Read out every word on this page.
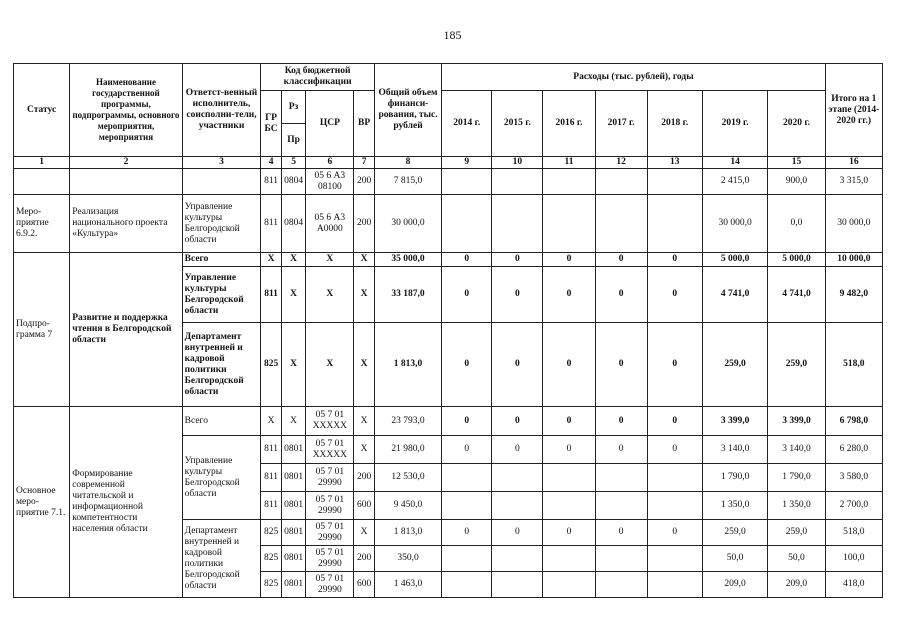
185
Статус	Наименование государственной программы, подпрограммы, основного мероприятия, мероприятия	Ответст-венный исполнитель, соисполни-тели, участники	Код бюджетной классификации				Общий объем финанси-рования, тыс. рублей	Расходы (тыс. рублей), годы							Итого на 1 этапе (2014-2020 гг.)
			ГР БС	Рз	ЦСР	ВР		2014 г.	2015 г.	2016 г.	2017 г.	2018 г.	2019 г.	2020 г.	
				Пр											
1	2	3	4	5	6	7	8	9	10	11	12	13	14	15	16
			811	0804	05 6 А3 08100	200	7 815,0						2 415,0	900,0	3 315,0
Меро-приятие 6.9.2.	Реализация национального проекта «Культура»	Управление культуры Белгородской области	811	0804	05 6 А3 А0000	200	30 000,0						30 000,0	0,0	30 000,0
Подпро-грамма 7	Развитие и поддержка чтения в Белгородской области	Всего	Х	Х	Х	Х	35 000,0	0	0	0	0	0	5 000,0	5 000,0	10 000,0
		Управление культуры Белгородской области	811	Х	Х	Х	33 187,0	0	0	0	0	0	4 741,0	4 741,0	9 482,0
		Департамент внутренней и кадровой политики Белгородской области	825	Х	Х	Х	1 813,0	0	0	0	0	0	259,0	259,0	518,0
Основное меро-приятие 7.1.	Формирование современной читательской и информационной компетентности населения области	Всего	Х	Х	05 7 01 ХХХХХ	Х	23 793,0	0	0	0	0	0	3 399,0	3 399,0	6 798,0
		Управление культуры Белгородской области	811	0801	05 7 01 ХХХХХ	Х	21 980,0	0	0	0	0	0	3 140,0	3 140,0	6 280,0
			811	0801	05 7 01 29990	200	12 530,0						1 790,0	1 790,0	3 580,0
			811	0801	05 7 01 29990	600	9 450,0						1 350,0	1 350,0	2 700,0
		Департамент внутренней и кадровой политики Белгородской области	825	0801	05 7 01 29990	Х	1 813,0	0	0	0	0	0	259,0	259,0	518,0
			825	0801	05 7 01 29990	200	350,0						50,0	50,0	100,0
			825	0801	05 7 01 29990	600	1 463,0						209,0	209,0	418,0
